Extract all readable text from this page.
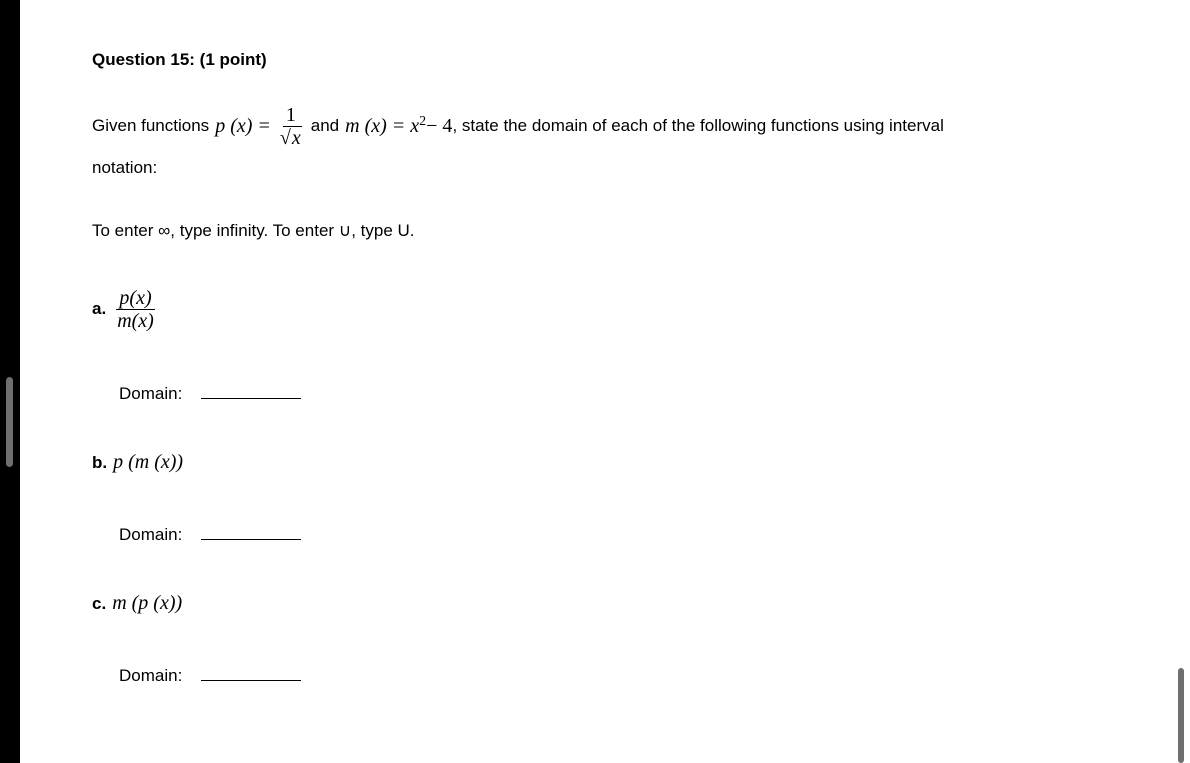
Question 15: (1 point)
Given functions p $(x) = \frac{1}{√x}$ and m $(x) = x^2 - 4$ , state the domain of each of the following functions using interval
notation:
To enter ∞, type infinity. To enter ∪, type U.
a. $\frac{p(x)}{m(x)}$
Domain:
b. p (m (x))
Domain:
c. m (p (x))
Domain:
